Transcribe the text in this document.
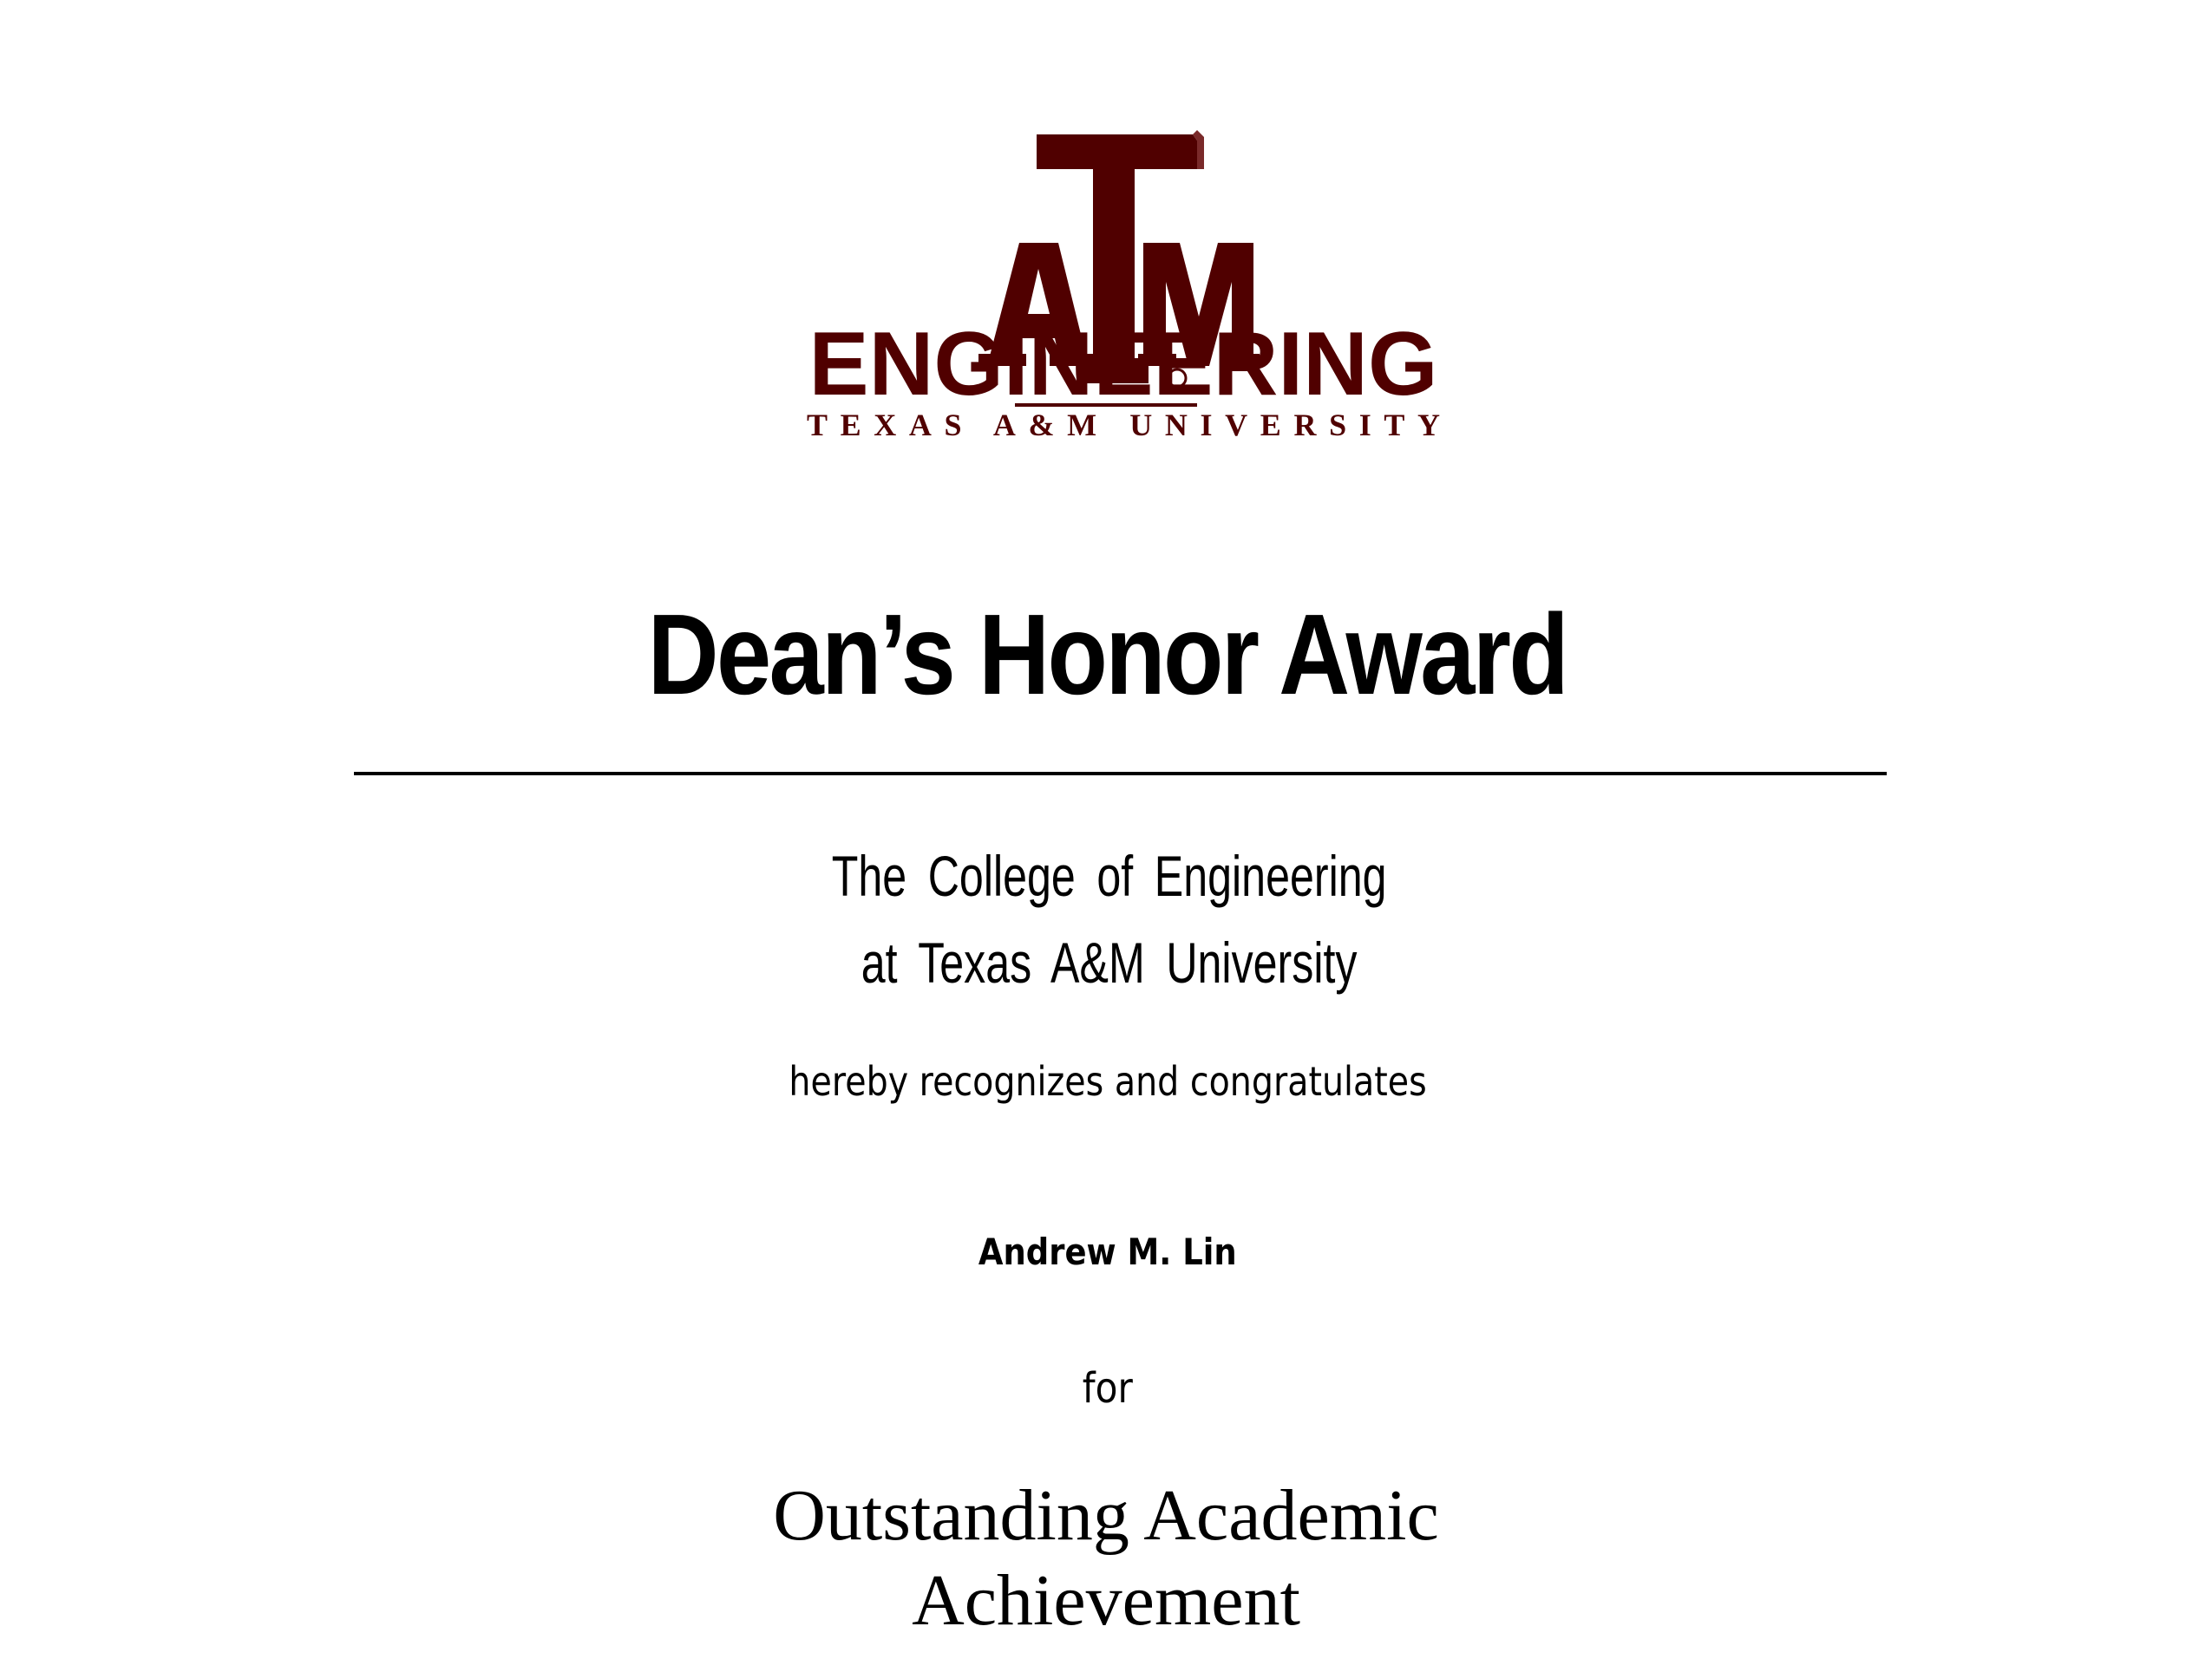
ENGINEERING
TEXAS A&M UNIVERSITY
Dean’s Honor Award
The College of Engineering
at Texas A&M University
hereby recognizes and congratulates
Andrew M. Lin
for
Outstanding Academic
Achievement
